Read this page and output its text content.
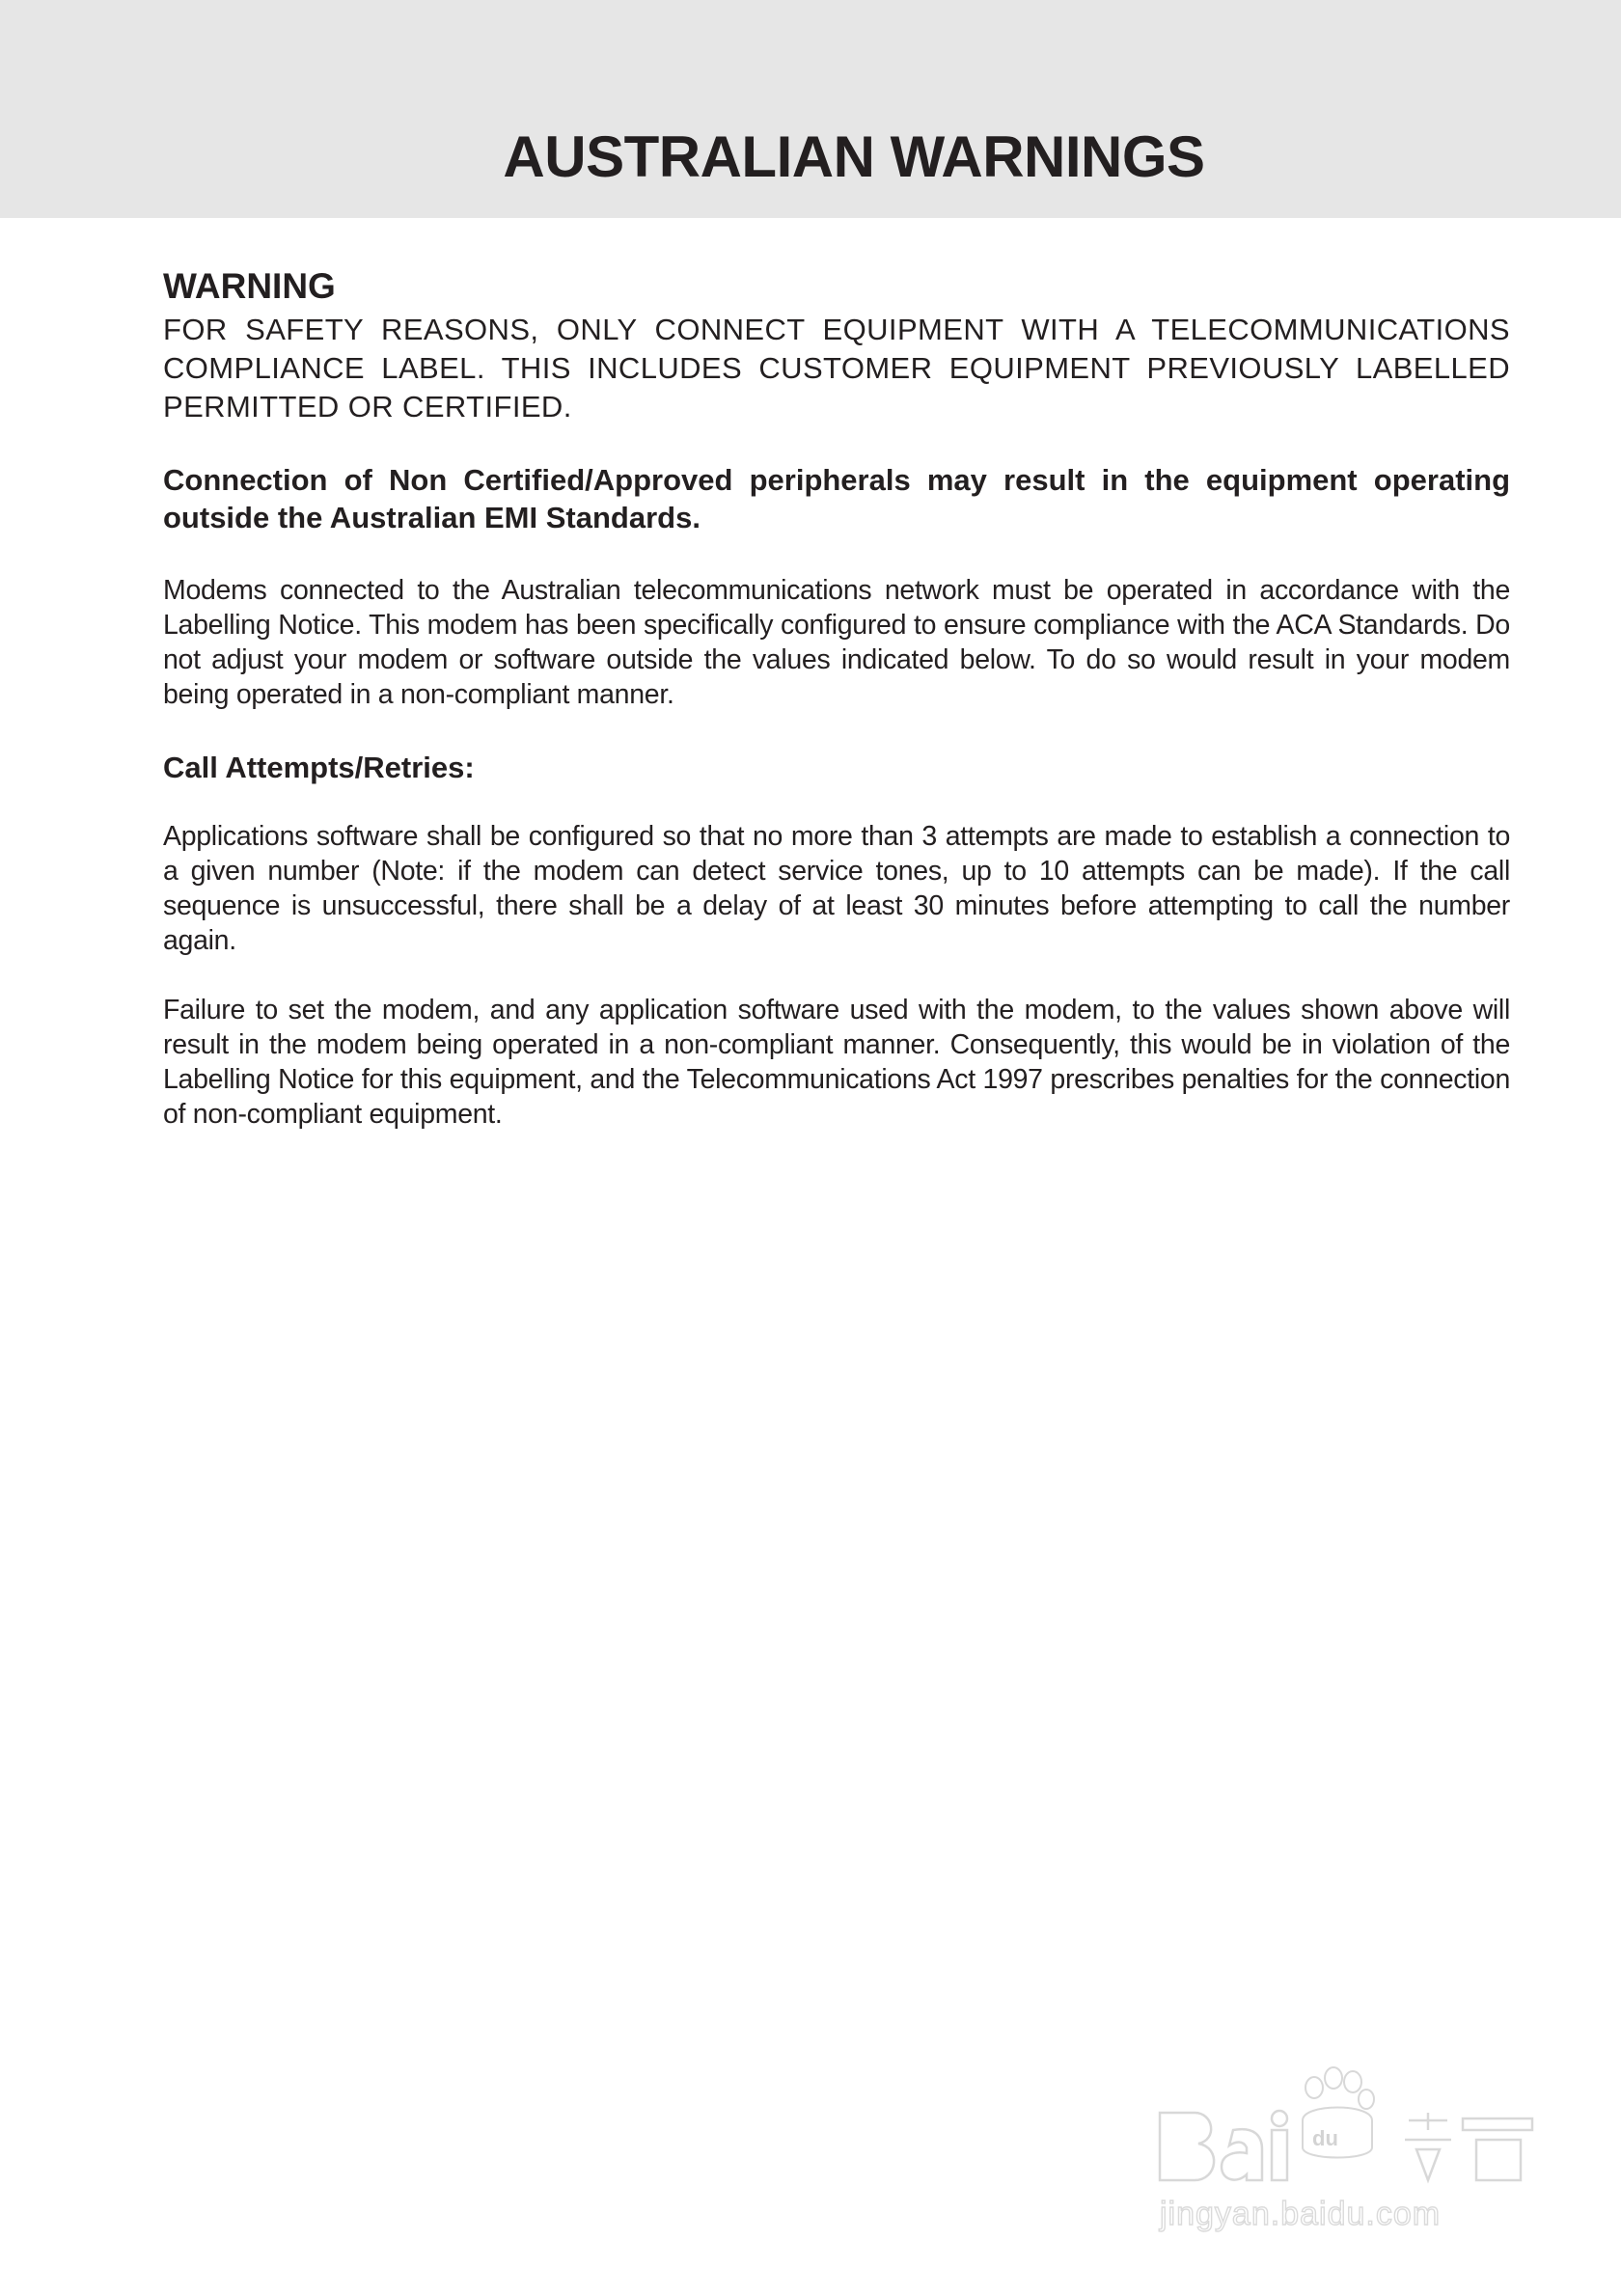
AUSTRALIAN WARNINGS
WARNING

FOR SAFETY REASONS, ONLY CONNECT EQUIPMENT WITH A TELECOMMUNICATIONS COMPLIANCE LABEL. THIS INCLUDES CUSTOMER EQUIPMENT PREVIOUSLY LABELLED PERMITTED OR CERTIFIED.

Connection of Non Certified/Approved peripherals may result in the equipment operating outside the Australian EMI Standards.

Modems connected to the Australian telecommunications network must be operated in accordance with the Labelling Notice. This modem has been specifically configured to ensure compliance with the ACA Standards. Do not adjust your modem or software outside the values indicated below. To do so would result in your modem being operated in a non-compliant manner.

Call Attempts/Retries:

Applications software shall be configured so that no more than 3 attempts are made to establish a connection to a given number (Note: if the modem can detect service tones, up to 10 attempts can be made). If the call sequence is unsuccessful, there shall be a delay of at least 30 minutes before attempting to call the number again.

Failure to set the modem, and any application software used with the modem, to the values shown above will result in the modem being operated in a non-compliant manner. Consequently, this would be in violation of the Labelling Notice for this equipment, and the Telecommunications Act 1997 prescribes penalties for the connection of non-compliant equipment.

du
jingyan.baidu.com
